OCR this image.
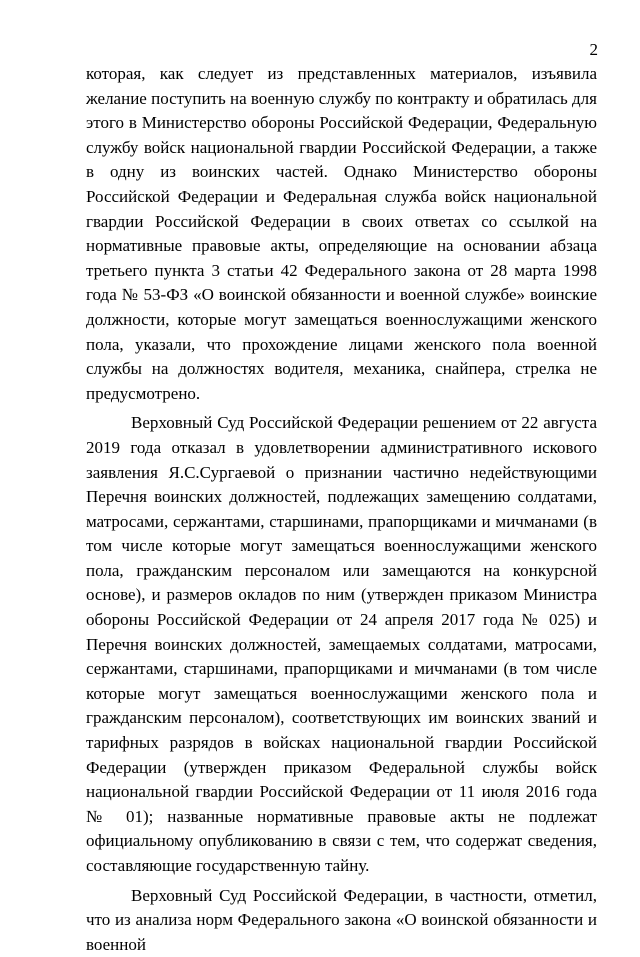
2

которая, как следует из представленных материалов, изъявила желание поступить на военную службу по контракту и обратилась для этого в Министерство обороны Российской Федерации, Федеральную службу войск национальной гвардии Российской Федерации, а также в одну из воинских частей. Однако Министерство обороны Российской Федерации и Федеральная служба войск национальной гвардии Российской Федерации в своих ответах со ссылкой на нормативные правовые акты, определяющие на основании абзаца третьего пункта 3 статьи 42 Федерального закона от 28 марта 1998 года № 53-ФЗ «О воинской обязанности и военной службе» воинские должности, которые могут замещаться военнослужащими женского пола, указали, что прохождение лицами женского пола военной службы на должностях водителя, механика, снайпера, стрелка не предусмотрено.

Верховный Суд Российской Федерации решением от 22 августа 2019 года отказал в удовлетворении административного искового заявления Я.С.Сургаевой о признании частично недействующими Перечня воинских должностей, подлежащих замещению солдатами, матросами, сержантами, старшинами, прапорщиками и мичманами (в том числе которые могут замещаться военнослужащими женского пола, гражданским персоналом или замещаются на конкурсной основе), и размеров окладов по ним (утвержден приказом Министра обороны Российской Федерации от 24 апреля 2017 года № 025) и Перечня воинских должностей, замещаемых солдатами, матросами, сержантами, старшинами, прапорщиками и мичманами (в том числе которые могут замещаться военнослужащими женского пола и гражданским персоналом), соответствующих им воинских званий и тарифных разрядов в войсках национальной гвардии Российской Федерации (утвержден приказом Федеральной службы войск национальной гвардии Российской Федерации от 11 июля 2016 года № 01); названные нормативные правовые акты не подлежат официальному опубликованию в связи с тем, что содержат сведения, составляющие государственную тайну.

Верховный Суд Российской Федерации, в частности, отметил, что из анализа норм Федерального закона «О воинской обязанности и военной
